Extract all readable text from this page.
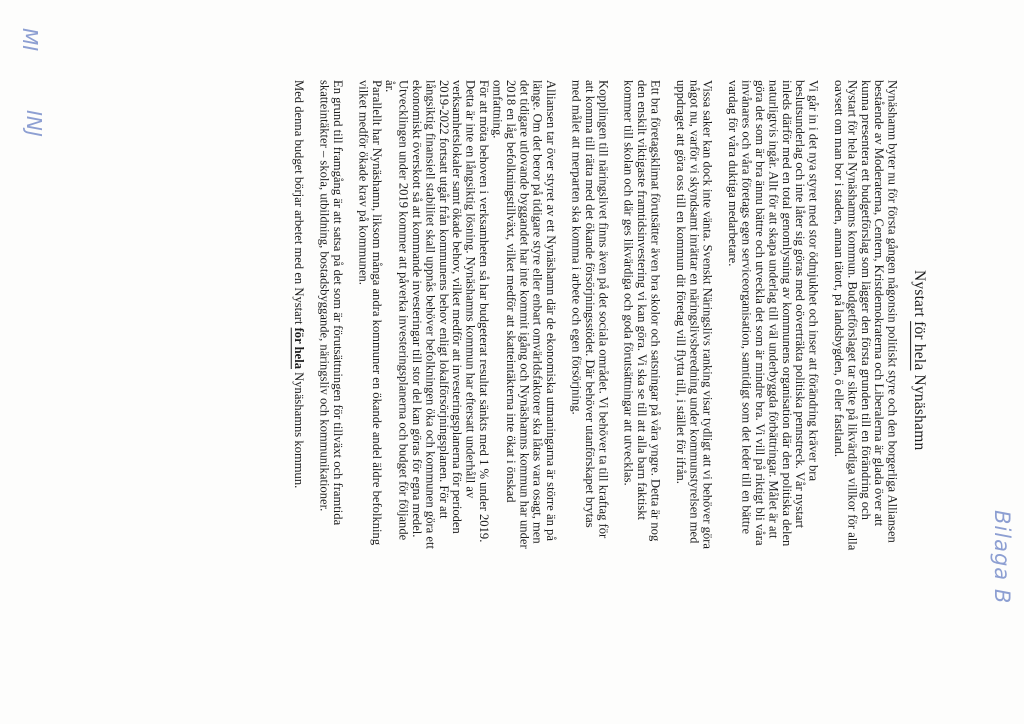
Nystart för hela Nynäshamn
Nynäshamn byter nu för första gången någonsin politiskt styre och den borgerliga Alliansen
bestående av Moderaterna, Centern, Kristdemokraterna och Liberalerna är glada över att
kunna presentera ett budgetförslag som lägger den första grunden till en förändring och
Nystart för hela Nynäshamns kommun. Budgetförslaget tar sikte på likvärdiga villkor för alla
oavsett om man bor i staden, annan tätort, på landsbygden, ö eller fastland.
Vi går in i det nya styret med stor ödmjukhet och inser att förändring kräver bra
beslutsunderlag och inte låter sig göras med oöverträkta politiska pennstreck. Vår nystart
inleds därför med en total genomlysning av kommunens organisation där den politiska delen
naturligtvis ingår. Allt för att skapa underlag till väl underbyggda förbättringar. Målet är att
göra det som är bra ännu bättre och utveckla det som är mindre bra. Vi vill på riktigt bli våra
invånares och våra företags egen serviceorganisation, samtidigt som det leder till en bättre
vardag för våra duktiga medarbetare.
Vissa saker kan dock inte vänta. Svenskt Näringslivs ranking visar tydligt att vi behöver göra
något nu, varför vi skyndsamt inrättar en näringslivsberedning under kommunstyrelsen med
uppdraget att göra oss till en kommun dit företag vill flytta till, i stället för ifrån.
Ett bra företagsklimat förutsätter även bra skolor och satsningar på våra yngre. Detta är nog
den enskilt viktigaste framtidsinvestering vi kan göra. Vi ska se till att alla barn faktiskt
kommer till skolan och där ges likvärdiga och goda förutsättningar att utvecklas.
Kopplingen till näringslivet finns även på det sociala området. Vi behöver ta till kraftag för
att komma till rätta med det ökande försörjningsstödet. Där behöver utanförskapet brytas
med målet att merparten ska komma i arbete och egen försörjning.
Alliansen tar över styret av ett Nynäshamn där de ekonomiska utmaningarna är större än på
länge. Om det beror på tidigare styre eller enbart omvärldsfaktorer ska låtas vara osagt, men
det tidigare utlovande byggandet har inte kommit igång och Nynäshamns kommun har under
2018 en låg befolkningstillväxt, vilket medför att skatteintäkterna inte ökat i önskad
omfattning.
För att möta behoven i verksamheten så har budgeterat resultat sänkts med 1 % under 2019.
Detta är inte en långsiktig lösning. Nynäshamns kommun har eftersatt underhåll av
verksamhetslokaler samt ökade behov, vilket medför att investeringsplanerna för perioden
2019-2022 fortsatt utgår från kommunens behov enligt lokalförsörjningsplanen. För att
långsiktig finansiell stabilitet skall uppnås behöver befolkningen öka och kommunen göra ett
ekonomiskt överskott så att kommande investeringar till stor del kan göras för egna medel.
Utvecklingen under 2019 kommer att påverka investeringsplanerna och budget för följande
år.
Parallellt har Nynäshamn, liksom många andra kommuner en ökande andel äldre befolkning
vilket medför ökade krav på kommunen.
En grund till framgång är att satsa på det som är förutsättningen för tillväxt och framtida
skatteintäkter – skola, utbildning, bostadsbyggande, näringsliv och kommunikationer.
Med denna budget börjar arbetet med en Nystart för hela Nynäshamns kommun.
Bilaga B
MI
INJ
